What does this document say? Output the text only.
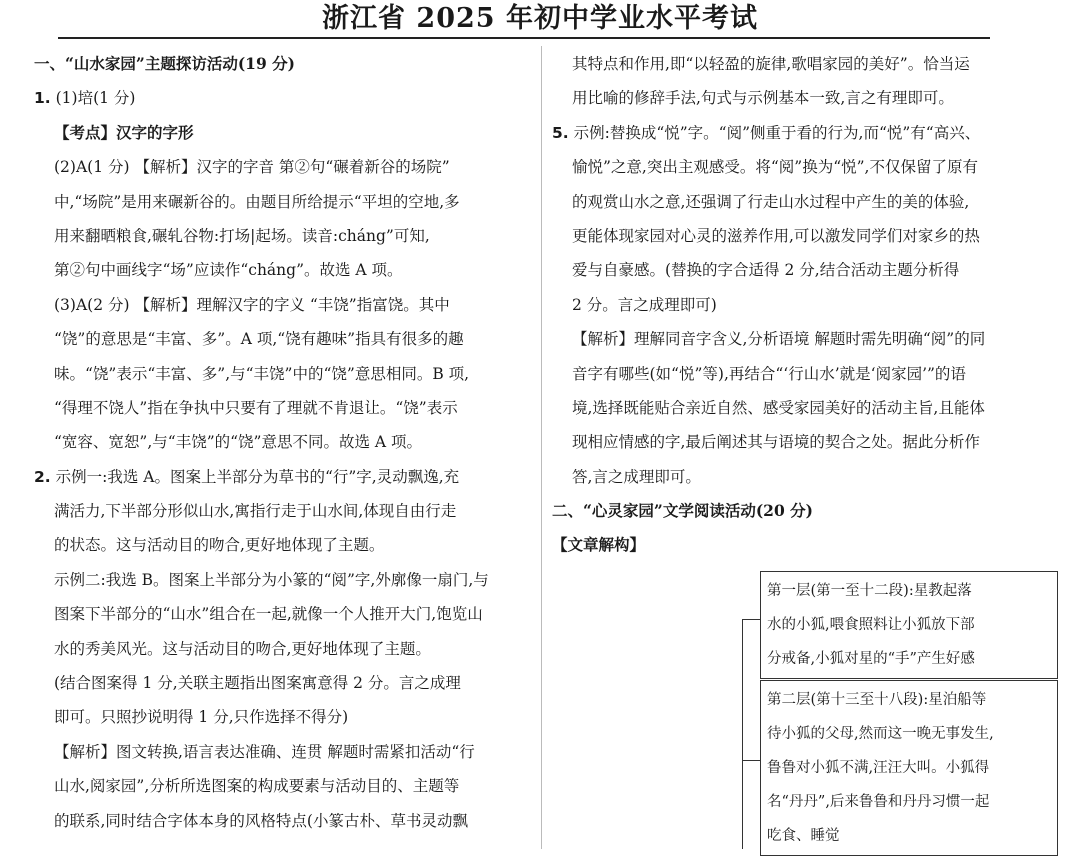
浙江省 2025 年初中学业水平考试
一、“山水家园”主题探访活动(19 分)
1. (1)培(1 分)
【考点】汉字的字形
(2)A(1 分) 【解析】汉字的字音 第②句“碾着新谷的场院”
中,“场院”是用来碾新谷的。由题目所给提示“平坦的空地,多
用来翻晒粮食,碾轧谷物:打场|起场。读音:cháng”可知,
第②句中画线字“场”应读作“cháng”。故选 A 项。
(3)A(2 分) 【解析】理解汉字的字义 “丰饶”指富饶。其中
“饶”的意思是“丰富、多”。A 项,“饶有趣味”指具有很多的趣
味。“饶”表示“丰富、多”,与“丰饶”中的“饶”意思相同。B 项,
“得理不饶人”指在争执中只要有了理就不肯退让。“饶”表示
“宽容、宽恕”,与“丰饶”的“饶”意思不同。故选 A 项。
2. 示例一:我选 A。图案上半部分为草书的“行”字,灵动飘逸,充
满活力,下半部分形似山水,寓指行走于山水间,体现自由行走
的状态。这与活动目的吻合,更好地体现了主题。
示例二:我选 B。图案上半部分为小篆的“阅”字,外廓像一扇门,与
图案下半部分的“山水”组合在一起,就像一个人推开大门,饱览山
水的秀美风光。这与活动目的吻合,更好地体现了主题。
(结合图案得 1 分,关联主题指出图案寓意得 2 分。言之成理
即可。只照抄说明得 1 分,只作选择不得分)
【解析】图文转换,语言表达准确、连贯 解题时需紧扣活动“行
山水,阅家园”,分析所选图案的构成要素与活动目的、主题等
的联系,同时结合字体本身的风格特点(小篆古朴、草书灵动飘
其特点和作用,即“以轻盈的旋律,歌唱家园的美好”。恰当运
用比喻的修辞手法,句式与示例基本一致,言之有理即可。
5. 示例:替换成“悦”字。“阅”侧重于看的行为,而“悦”有“高兴、
愉悦”之意,突出主观感受。将“阅”换为“悦”,不仅保留了原有
的观赏山水之意,还强调了行走山水过程中产生的美的体验,
更能体现家园对心灵的滋养作用,可以激发同学们对家乡的热
爱与自豪感。(替换的字合适得 2 分,结合活动主题分析得
2 分。言之成理即可)
【解析】理解同音字含义,分析语境 解题时需先明确“阅”的同
音字有哪些(如“悦”等),再结合“‘行山水’就是‘阅家园’”的语
境,选择既能贴合亲近自然、感受家园美好的活动主旨,且能体
现相应情感的字,最后阐述其与语境的契合之处。据此分析作
答,言之成理即可。
二、“心灵家园”文学阅读活动(20 分)
【文章解构】
第一层(第一至十二段):星教起落
水的小狐,喂食照料让小狐放下部
分戒备,小狐对星的“手”产生好感
第二层(第十三至十八段):星泊船等
待小狐的父母,然而这一晚无事发生,
鲁鲁对小狐不满,汪汪大叫。小狐得
名“丹丹”,后来鲁鲁和丹丹习惯一起
吃食、睡觉
